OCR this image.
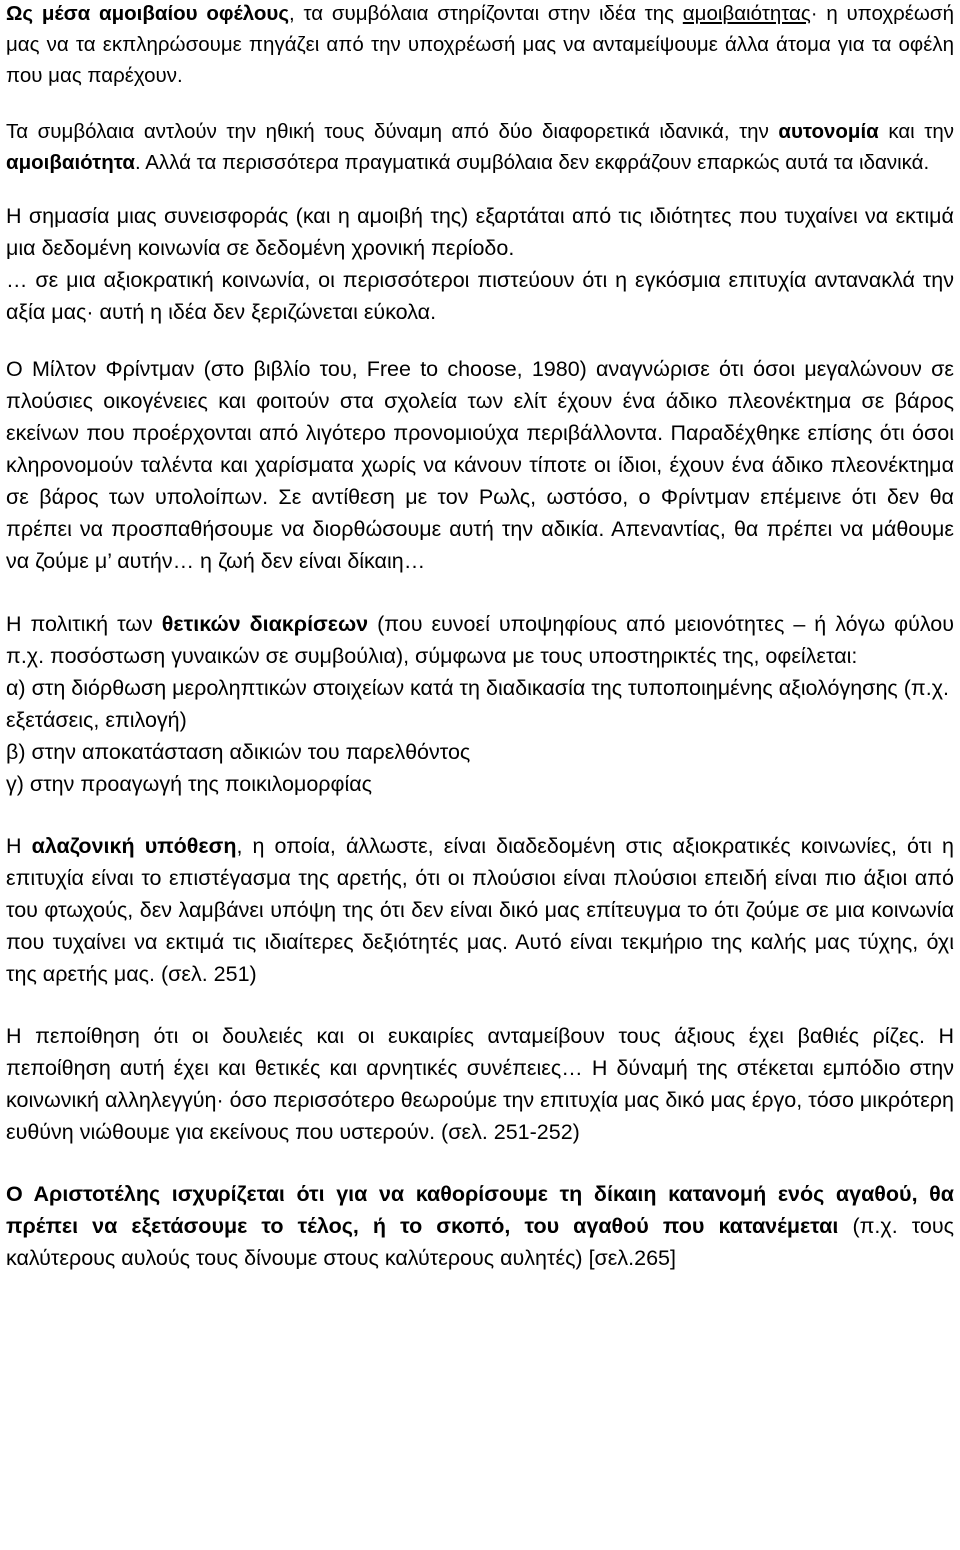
Ως μέσα αμοιβαίου οφέλους, τα συμβόλαια στηρίζονται στην ιδέα της αμοιβαιότητας· η υποχρέωσή μας να τα εκπληρώσουμε πηγάζει από την υποχρέωσή μας να ανταμείψουμε άλλα άτομα για τα οφέλη που μας παρέχουν.

Τα συμβόλαια αντλούν την ηθική τους δύναμη από δύο διαφορετικά ιδανικά, την αυτονομία και την αμοιβαιότητα. Αλλά τα περισσότερα πραγματικά συμβόλαια δεν εκφράζουν επαρκώς αυτά τα ιδανικά.

Η σημασία μιας συνεισφοράς (και η αμοιβή της) εξαρτάται από τις ιδιότητες που τυχαίνει να εκτιμά μια δεδομένη κοινωνία σε δεδομένη χρονική περίοδο.
… σε μια αξιοκρατική κοινωνία, οι περισσότεροι πιστεύουν ότι η εγκόσμια επιτυχία αντανακλά την αξία μας· αυτή η ιδέα δεν ξεριζώνεται εύκολα.

Ο Μίλτον Φρίντμαν (στο βιβλίο του, Free to choose, 1980) αναγνώρισε ότι όσοι μεγαλώνουν σε πλούσιες οικογένειες και φοιτούν στα σχολεία των ελίτ έχουν ένα άδικο πλεονέκτημα σε βάρος εκείνων που προέρχονται από λιγότερο προνομιούχα περιβάλλοντα. Παραδέχθηκε επίσης ότι όσοι κληρονομούν ταλέντα και χαρίσματα χωρίς να κάνουν τίποτε οι ίδιοι, έχουν ένα άδικο πλεονέκτημα σε βάρος των υπολοίπων. Σε αντίθεση με τον Ρωλς, ωστόσο, ο Φρίντμαν επέμεινε ότι δεν θα πρέπει να προσπαθήσουμε να διορθώσουμε αυτή την αδικία. Απεναντίας, θα πρέπει να μάθουμε να ζούμε μ’ αυτήν… η ζωή δεν είναι δίκαιη…

Η πολιτική των θετικών διακρίσεων (που ευνοεί υποψηφίους από μειονότητες – ή λόγω φύλου π.χ. ποσόστωση γυναικών σε συμβούλια), σύμφωνα με τους υποστηρικτές της, οφείλεται:
α) στη διόρθωση μεροληπτικών στοιχείων κατά τη διαδικασία της τυποποιημένης αξιολόγησης (π.χ. εξετάσεις, επιλογή)
β) στην αποκατάσταση αδικιών του παρελθόντος
γ) στην προαγωγή της ποικιλομορφίας

Η αλαζονική υπόθεση, η οποία, άλλωστε, είναι διαδεδομένη στις αξιοκρατικές κοινωνίες, ότι η επιτυχία είναι το επιστέγασμα της αρετής, ότι οι πλούσιοι είναι πλούσιοι επειδή είναι πιο άξιοι από του φτωχούς, δεν λαμβάνει υπόψη της ότι δεν είναι δικό μας επίτευγμα το ότι ζούμε σε μια κοινωνία που τυχαίνει να εκτιμά τις ιδιαίτερες δεξιότητές μας. Αυτό είναι τεκμήριο της καλής μας τύχης, όχι της αρετής μας. (σελ. 251)

Η πεποίθηση ότι οι δουλειές και οι ευκαιρίες ανταμείβουν τους άξιους έχει βαθιές ρίζες. Η πεποίθηση αυτή έχει και θετικές και αρνητικές συνέπειες… Η δύναμή της στέκεται εμπόδιο στην κοινωνική αλληλεγγύη· όσο περισσότερο θεωρούμε την επιτυχία μας δικό μας έργο, τόσο μικρότερη ευθύνη νιώθουμε για εκείνους που υστερούν. (σελ. 251-252)

Ο Αριστοτέλης ισχυρίζεται ότι για να καθορίσουμε τη δίκαιη κατανομή ενός αγαθού, θα πρέπει να εξετάσουμε το τέλος, ή το σκοπό, του αγαθού που κατανέμεται (π.χ. τους καλύτερους αυλούς τους δίνουμε στους καλύτερους αυλητές) [σελ.265]
